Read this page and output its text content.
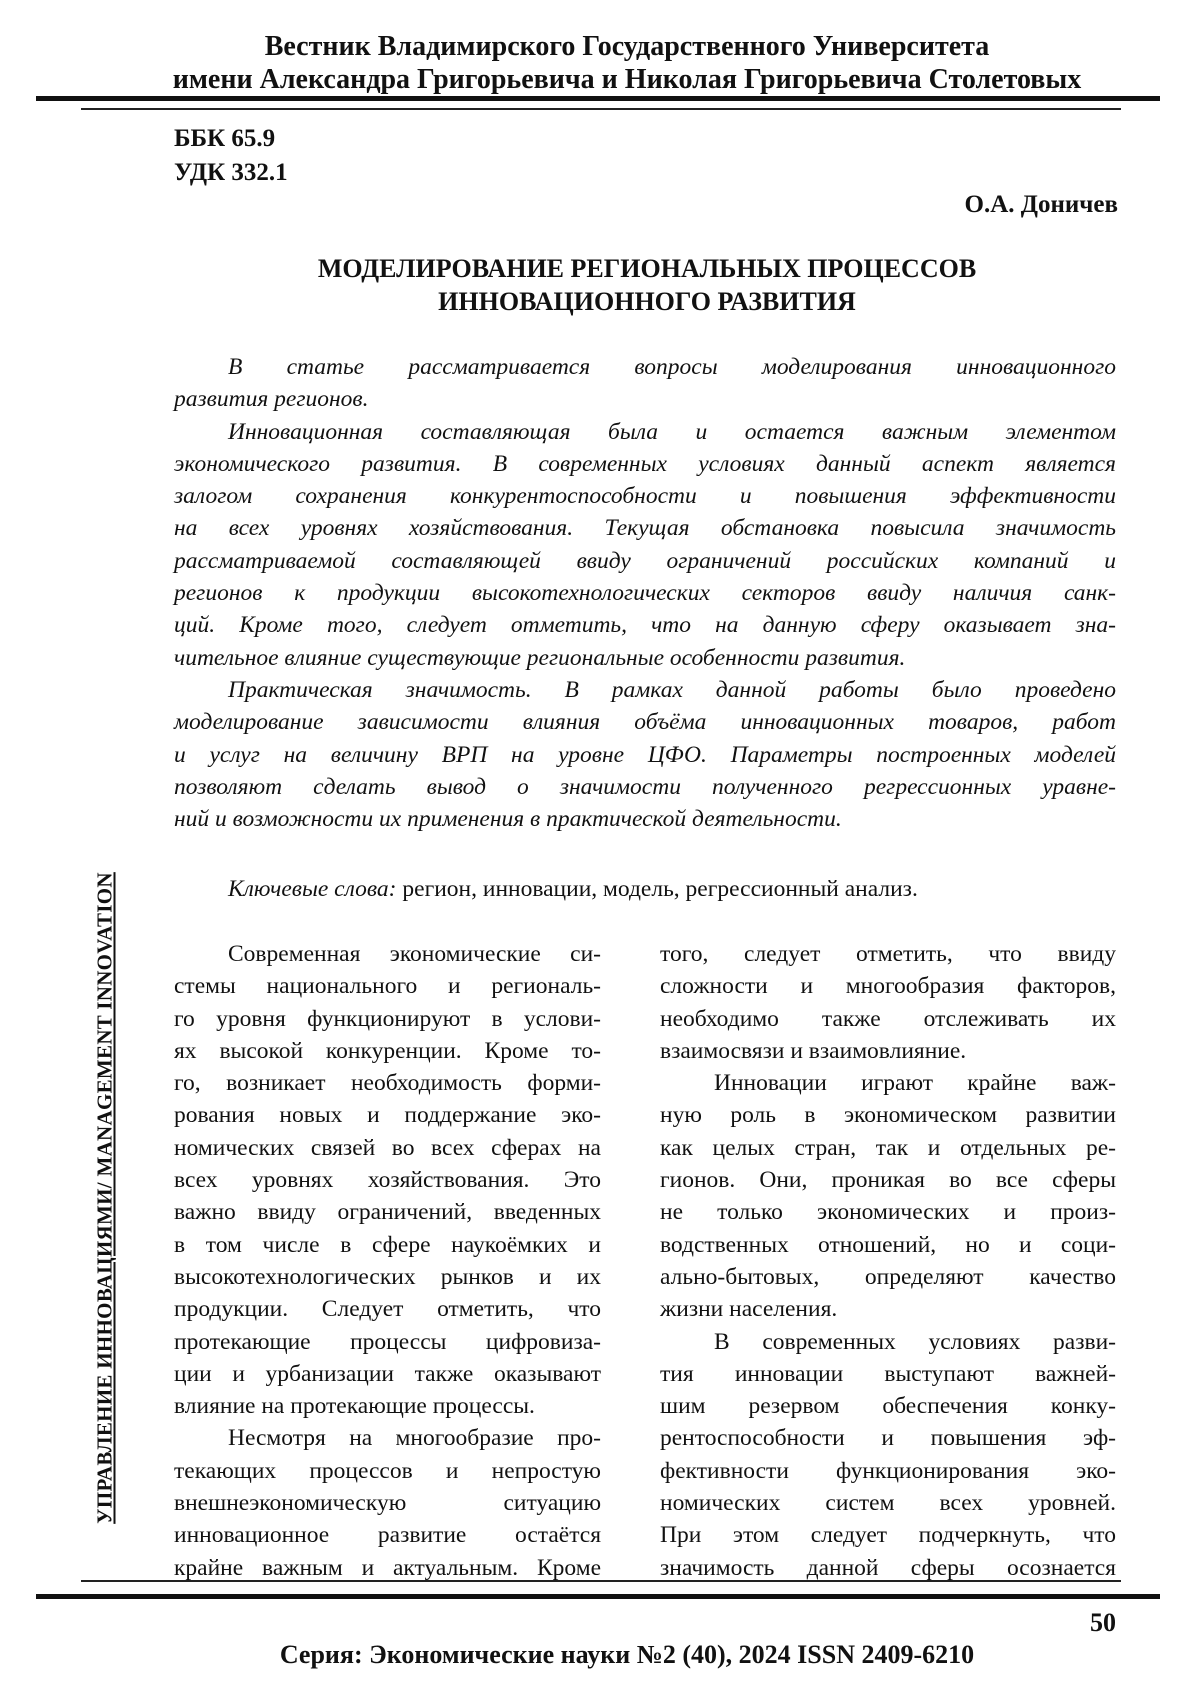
Вестник Владимирского Государственного Университета
имени Александра Григорьевича и Николая Григорьевича Столетовых
ББК 65.9
УДК 332.1
О.А. Доничев
МОДЕЛИРОВАНИЕ РЕГИОНАЛЬНЫХ ПРОЦЕССОВ
ИННОВАЦИОННОГО РАЗВИТИЯ
В статье рассматривается вопросы моделирования инновационного
развития регионов.
Инновационная составляющая была и остается важным элементом
экономического развития. В современных условиях данный аспект является
залогом сохранения конкурентоспособности и повышения эффективности
на всех уровнях хозяйствования. Текущая обстановка повысила значимость
рассматриваемой составляющей ввиду ограничений российских компаний и
регионов к продукции высокотехнологических секторов ввиду наличия санк-
ций. Кроме того, следует отметить, что на данную сферу оказывает зна-
чительное влияние существующие региональные особенности развития.
Практическая значимость. В рамках данной работы было проведено
моделирование зависимости влияния объёма инновационных товаров, работ
и услуг на величину ВРП на уровне ЦФО. Параметры построенных моделей
позволяют сделать вывод о значимости полученного регрессионных уравне-
ний и возможности их применения в практической деятельности.
Ключевые слова: регион, инновации, модель, регрессионный анализ.
УПРАВЛЕНИЕ ИННОВАЦИЯМИ/ MANAGEMENT INNOVATION	Современная экономические си-
стемы национального и региональ-
го уровня функционируют в услови-
ях высокой конкуренции. Кроме то-
го, возникает необходимость форми-
рования новых и поддержание эко-
номических связей во всех сферах на
всех уровнях хозяйствования. Это
важно ввиду ограничений, введенных
в том числе в сфере наукоёмких и
высокотехнологических рынков и их
продукции. Следует отметить, что
протекающие процессы цифровиза-
ции и урбанизации также оказывают
влияние на протекающие процессы.
Несмотря на многообразие про-
текающих процессов и непростую
внешнеэкономическую ситуацию
инновационное развитие остаётся
крайне важным и актуальным. Кроме
того, следует отметить, что ввиду
сложности и многообразия факторов,
необходимо также отслеживать их
взаимосвязи и взаимовлияние.
Инновации играют крайне важ-
ную роль в экономическом развитии
как целых стран, так и отдельных ре-
гионов. Они, проникая во все сферы
не только экономических и произ-
водственных отношений, но и соци-
ально-бытовых, определяют качество
жизни населения.
В современных условиях разви-
тия инновации выступают важней-
шим резервом обеспечения конку-
рентоспособности и повышения эф-
фективности функционирования эко-
номических систем всех уровней.
При этом следует подчеркнуть, что
значимость данной сферы осознается
50
Серия: Экономические науки №2 (40), 2024 ISSN 2409-6210
